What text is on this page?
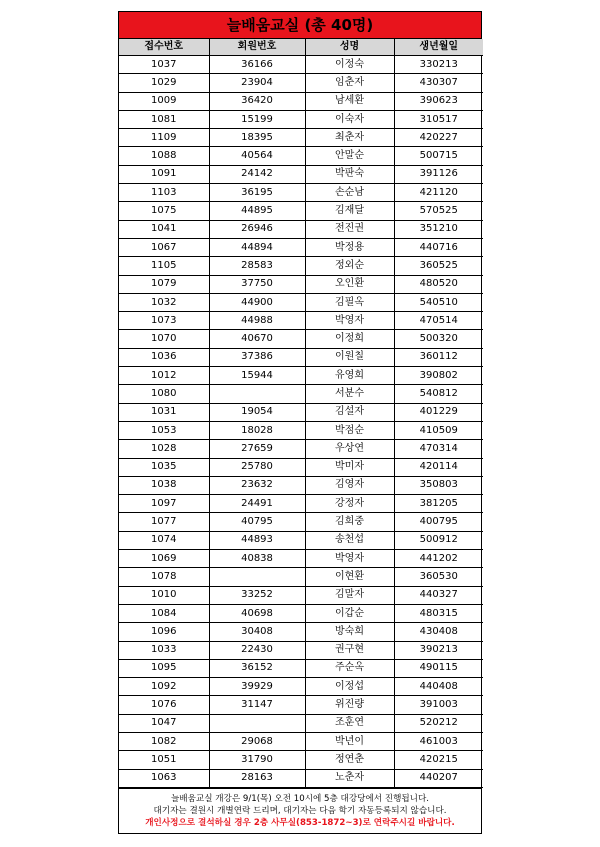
늘배움교실 (총 40명)
접수번호	회원번호	성명	생년월일
1037	36166	이정숙	330213
1029	23904	임춘자	430307
1009	36420	남세환	390623
1081	15199	이숙자	310517
1109	18395	최춘자	420227
1088	40564	안말순	500715
1091	24142	박판숙	391126
1103	36195	손순남	421120
1075	44895	김재달	570525
1041	26946	전진권	351210
1067	44894	박정용	440716
1105	28583	정외순	360525
1079	37750	오인환	480520
1032	44900	김필옥	540510
1073	44988	박영자	470514
1070	40670	이정희	500320
1036	37386	이원칠	360112
1012	15944	유영희	390802
1080		서분수	540812
1031	19054	김설자	401229
1053	18028	박점순	410509
1028	27659	우상연	470314
1035	25780	박미자	420114
1038	23632	김영자	350803
1097	24491	강정자	381205
1077	40795	김희중	400795
1074	44893	송천섭	500912
1069	40838	박영자	441202
1078		이현환	360530
1010	33252	김말자	440327
1084	40698	이갑순	480315
1096	30408	방숙희	430408
1033	22430	권구현	390213
1095	36152	주순옥	490115
1092	39929	이정섭	440408
1076	31147	위진량	391003
1047		조훈연	520212
1082	29068	박년이	461003
1051	31790	정연춘	420215
1063	28163	노춘자	440207
늘배움교실 개강은 9/1(목) 오전 10시에 5층 대강당에서 진행됩니다.
대기자는 결원시 개별연락 드리며, 대기자는 다음 학기 자동등록되지 않습니다.
개인사정으로 결석하실 경우 2층 사무실(853-1872~3)로 연락주시길 바랍니다.
